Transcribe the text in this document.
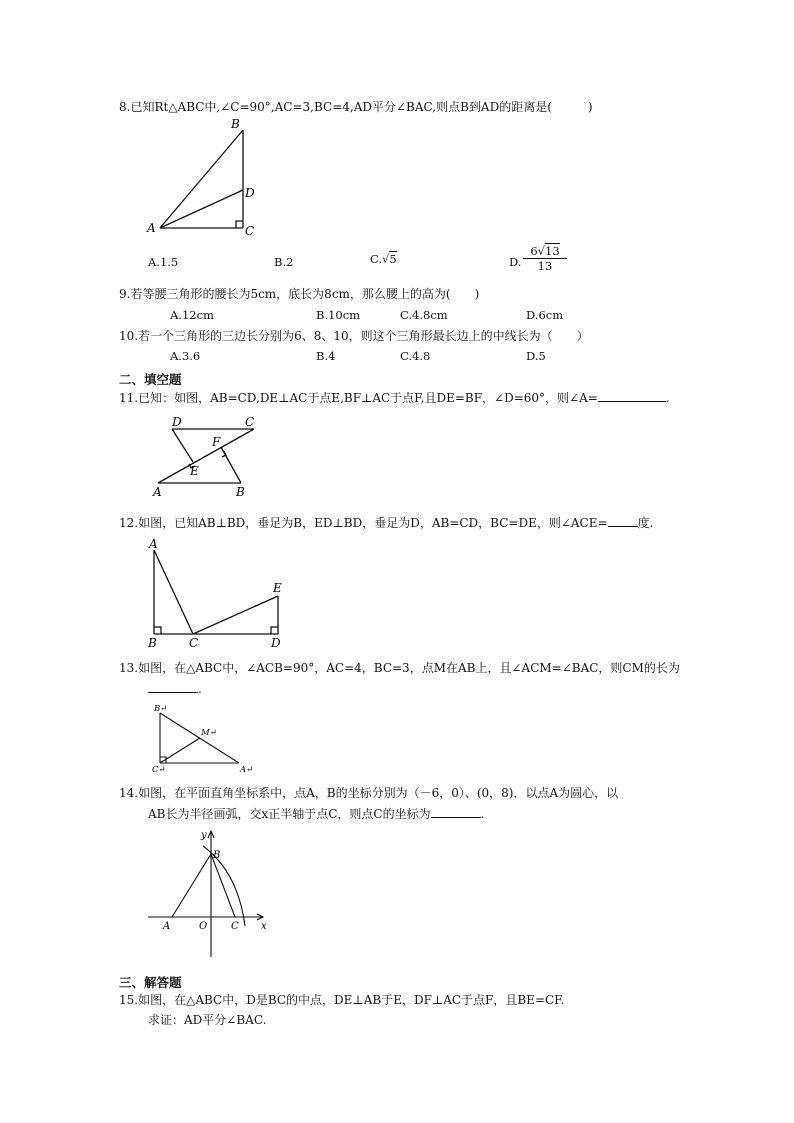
8.已知Rt△ABC中,∠C=90°,AC=3,BC=4,AD平分∠BAC,则点B到AD的距离是(　　　)
B
D
A	C
A.1.5	B.2	C.√5	D. $\frac{6√13}{13}$
9.若等腰三角形的腰长为5cm，底长为8cm，那么腰上的高为(　　)
A.12cm	B.10cm	C.4.8cm	D.6cm
10.若一个三角形的三边长分别为6、8、10，则这个三角形最长边上的中线长为（　　）
A.3.6	B.4	C.4.8	D.5
二、填空题
11.已知：如图，AB=CD,DE⊥AC于点E,BF⊥AC于点F,且DE=BF，∠D=60°，则∠A=	.
D	C
F
E
A	B
12.如图，已知AB⊥BD，垂足为B，ED⊥BD，垂足为D，AB=CD，BC=DE，则∠ACE=	度.
A
E
B	C	D
13.如图，在△ABC中，∠ACB=90°，AC=4，BC=3，点M在AB上，且∠ACM=∠BAC，则CM的长为
.
B↵
M↵
C↵	A↵
14.如图，在平面直角坐标系中，点A，B的坐标分别为（－6，0）、(0，8)．以点A为圆心，以
AB长为半径画弧，交x正半轴于点C，则点C的坐标为	.
y
B
A	O C x
三、解答题
15.如图，在△ABC中，D是BC的中点，DE⊥AB于E，DF⊥AC于点F，且BE=CF.
求证：AD平分∠BAC.
